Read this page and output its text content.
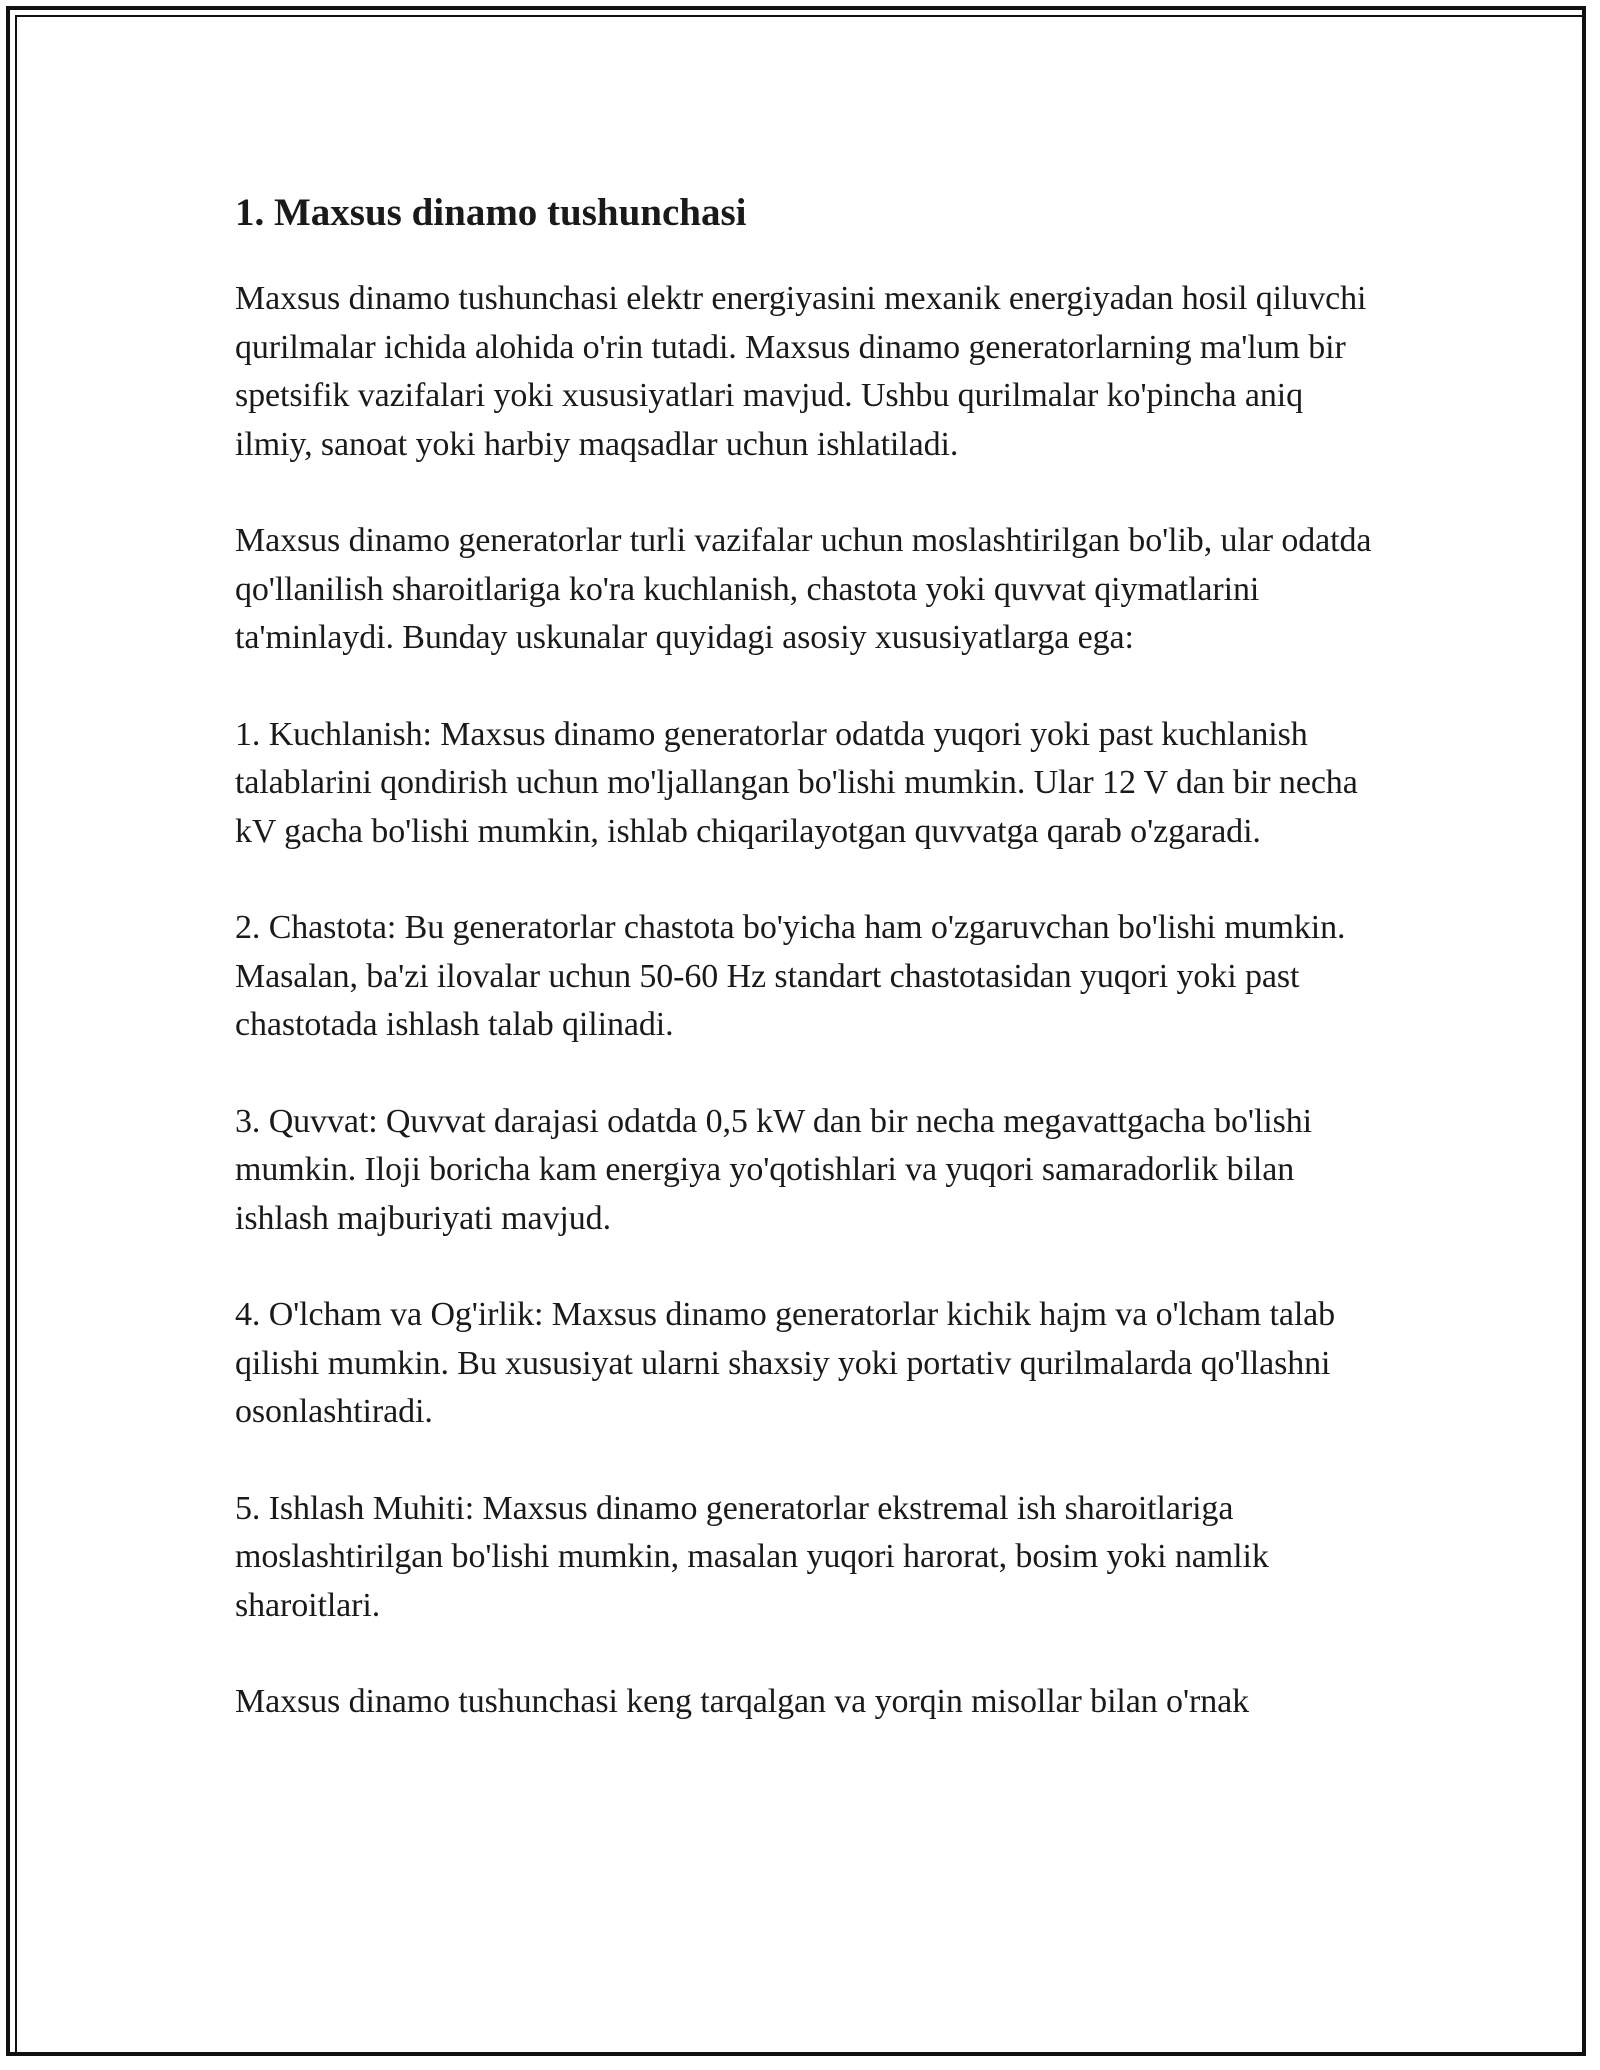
1. Maxsus dinamo tushunchasi

Maxsus dinamo tushunchasi elektr energiyasini mexanik energiyadan hosil qiluvchi qurilmalar ichida alohida o'rin tutadi. Maxsus dinamo generatorlarning ma'lum bir spetsifik vazifalari yoki xususiyatlari mavjud. Ushbu qurilmalar ko'pincha aniq ilmiy, sanoat yoki harbiy maqsadlar uchun ishlatiladi.

Maxsus dinamo generatorlar turli vazifalar uchun moslashtirilgan bo'lib, ular odatda qo'llanilish sharoitlariga ko'ra kuchlanish, chastota yoki quvvat qiymatlarini ta'minlaydi. Bunday uskunalar quyidagi asosiy xususiyatlarga ega:

1. Kuchlanish: Maxsus dinamo generatorlar odatda yuqori yoki past kuchlanish talablarini qondirish uchun mo'ljallangan bo'lishi mumkin. Ular 12 V dan bir necha kV gacha bo'lishi mumkin, ishlab chiqarilayotgan quvvatga qarab o'zgaradi.

2. Chastota: Bu generatorlar chastota bo'yicha ham o'zgaruvchan bo'lishi mumkin. Masalan, ba'zi ilovalar uchun 50-60 Hz standart chastotasidan yuqori yoki past chastotada ishlash talab qilinadi.

3. Quvvat: Quvvat darajasi odatda 0,5 kW dan bir necha megavattgacha bo'lishi mumkin. Iloji boricha kam energiya yo'qotishlari va yuqori samaradorlik bilan ishlash majburiyati mavjud.

4. O'lcham va Og'irlik: Maxsus dinamo generatorlar kichik hajm va o'lcham talab qilishi mumkin. Bu xususiyat ularni shaxsiy yoki portativ qurilmalarda qo'llashni osonlashtiradi.

5. Ishlash Muhiti: Maxsus dinamo generatorlar ekstremal ish sharoitlariga moslashtirilgan bo'lishi mumkin, masalan yuqori harorat, bosim yoki namlik sharoitlari.

Maxsus dinamo tushunchasi keng tarqalgan va yorqin misollar bilan o'rnak
